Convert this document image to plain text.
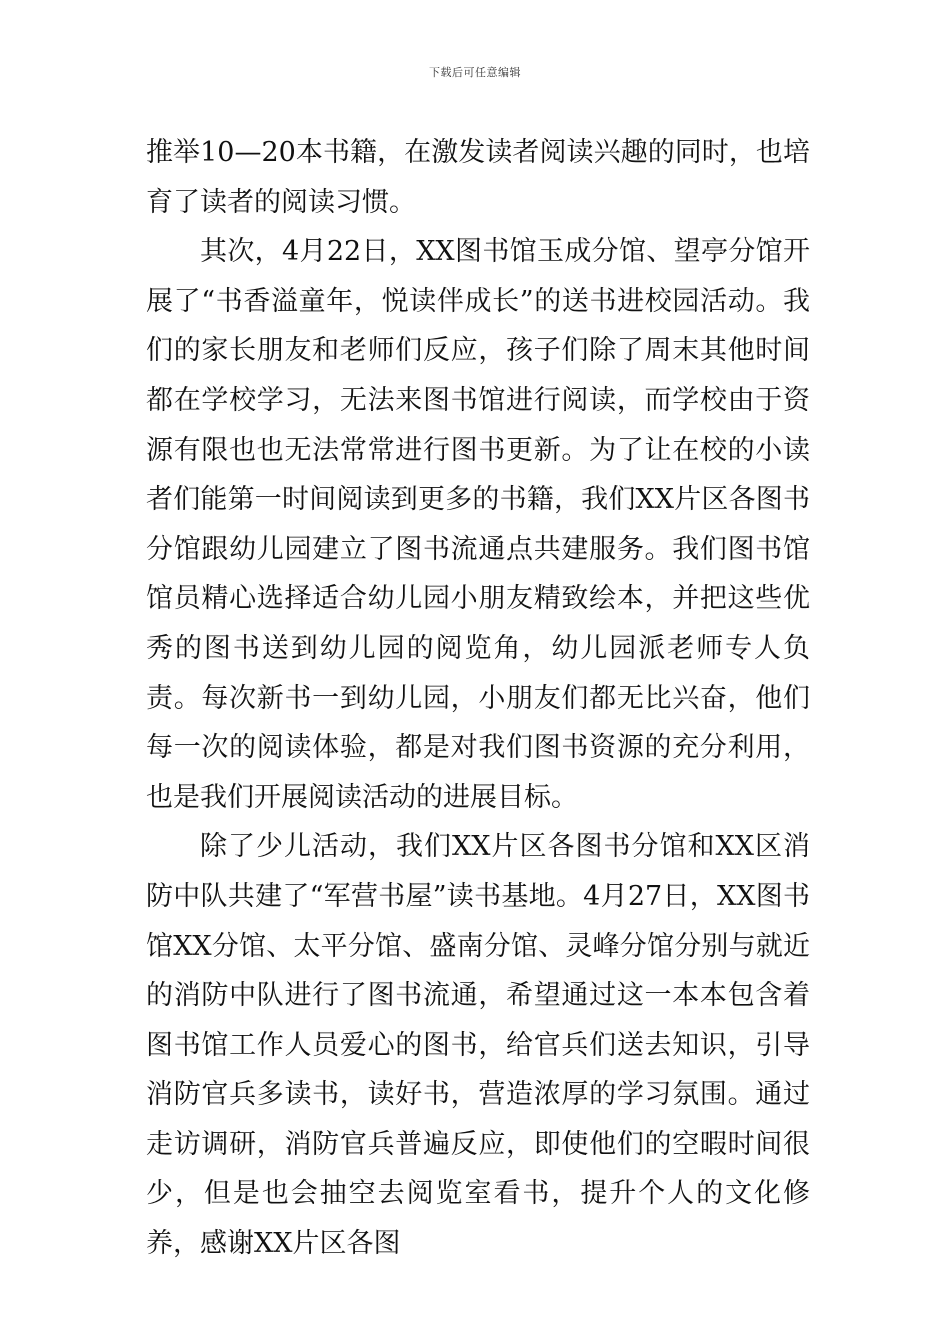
下载后可任意编辑

推举10—20本书籍，在激发读者阅读兴趣的同时，也培育了读者的阅读习惯。

其次，4月22日，XX图书馆玉成分馆、望亭分馆开展了“书香溢童年，悦读伴成长”的送书进校园活动。我们的家长朋友和老师们反应，孩子们除了周末其他时间都在学校学习，无法来图书馆进行阅读，而学校由于资源有限也也无法常常进行图书更新。为了让在校的小读者们能第一时间阅读到更多的书籍，我们XX片区各图书分馆跟幼儿园建立了图书流通点共建服务。我们图书馆馆员精心选择适合幼儿园小朋友精致绘本，并把这些优秀的图书送到幼儿园的阅览角，幼儿园派老师专人负责。每次新书一到幼儿园，小朋友们都无比兴奋，他们每一次的阅读体验，都是对我们图书资源的充分利用，也是我们开展阅读活动的进展目标。

除了少儿活动，我们XX片区各图书分馆和XX区消防中队共建了“军营书屋”读书基地。4月27日，XX图书馆XX分馆、太平分馆、盛南分馆、灵峰分馆分别与就近的消防中队进行了图书流通，希望通过这一本本包含着图书馆工作人员爱心的图书，给官兵们送去知识，引导消防官兵多读书，读好书，营造浓厚的学习氛围。通过走访调研，消防官兵普遍反应，即使他们的空暇时间很少，但是也会抽空去阅览室看书，提升个人的文化修养，感谢XX片区各图
